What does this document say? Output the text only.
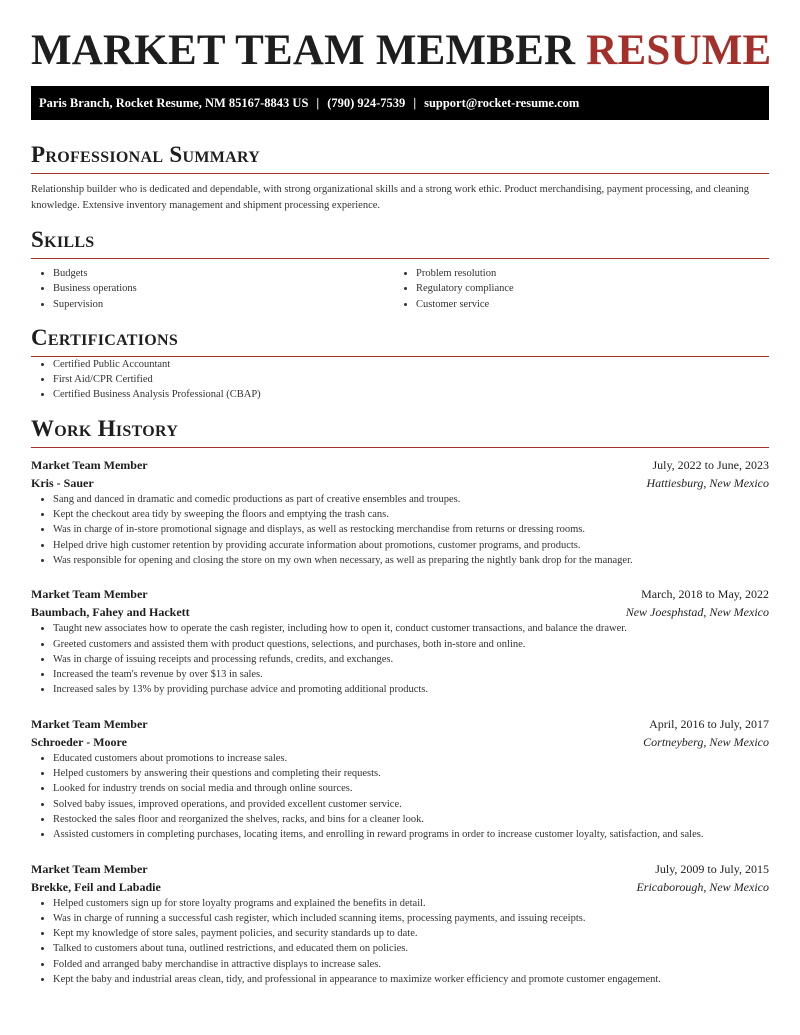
MARKET TEAM MEMBER RESUME
Paris Branch, Rocket Resume, NM 85167-8843 US | (790) 924-7539 | support@rocket-resume.com
Professional Summary

Relationship builder who is dedicated and dependable, with strong organizational skills and a strong work ethic. Product merchandising, payment processing, and cleaning knowledge. Extensive inventory management and shipment processing experience.

Skills
• Budgets
• Business operations
• Supervision
• Problem resolution
• Regulatory compliance
• Customer service
Certifications
• Certified Public Accountant
• First Aid/CPR Certified
• Certified Business Analysis Professional (CBAP)
Work History
Market Team Member	July, 2022 to June, 2023
Kris - Sauer	Hattiesburg, New Mexico
• Sang and danced in dramatic and comedic productions as part of creative ensembles and troupes.
• Kept the checkout area tidy by sweeping the floors and emptying the trash cans.
• Was in charge of in-store promotional signage and displays, as well as restocking merchandise from returns or dressing rooms.
• Helped drive high customer retention by providing accurate information about promotions, customer programs, and products.
• Was responsible for opening and closing the store on my own when necessary, as well as preparing the nightly bank drop for the manager.
Market Team Member	March, 2018 to May, 2022
Baumbach, Fahey and Hackett	New Joesphstad, New Mexico
• Taught new associates how to operate the cash register, including how to open it, conduct customer transactions, and balance the drawer.
• Greeted customers and assisted them with product questions, selections, and purchases, both in-store and online.
• Was in charge of issuing receipts and processing refunds, credits, and exchanges.
• Increased the team's revenue by over $13 in sales.
• Increased sales by 13% by providing purchase advice and promoting additional products.
Market Team Member	April, 2016 to July, 2017
Schroeder - Moore	Cortneyberg, New Mexico
• Educated customers about promotions to increase sales.
• Helped customers by answering their questions and completing their requests.
• Looked for industry trends on social media and through online sources.
• Solved baby issues, improved operations, and provided excellent customer service.
• Restocked the sales floor and reorganized the shelves, racks, and bins for a cleaner look.
• Assisted customers in completing purchases, locating items, and enrolling in reward programs in order to increase customer loyalty, satisfaction, and sales.
Market Team Member	July, 2009 to July, 2015
Brekke, Feil and Labadie	Ericaborough, New Mexico
• Helped customers sign up for store loyalty programs and explained the benefits in detail.
• Was in charge of running a successful cash register, which included scanning items, processing payments, and issuing receipts.
• Kept my knowledge of store sales, payment policies, and security standards up to date.
• Talked to customers about tuna, outlined restrictions, and educated them on policies.
• Folded and arranged baby merchandise in attractive displays to increase sales.
• Kept the baby and industrial areas clean, tidy, and professional in appearance to maximize worker efficiency and promote customer engagement.
